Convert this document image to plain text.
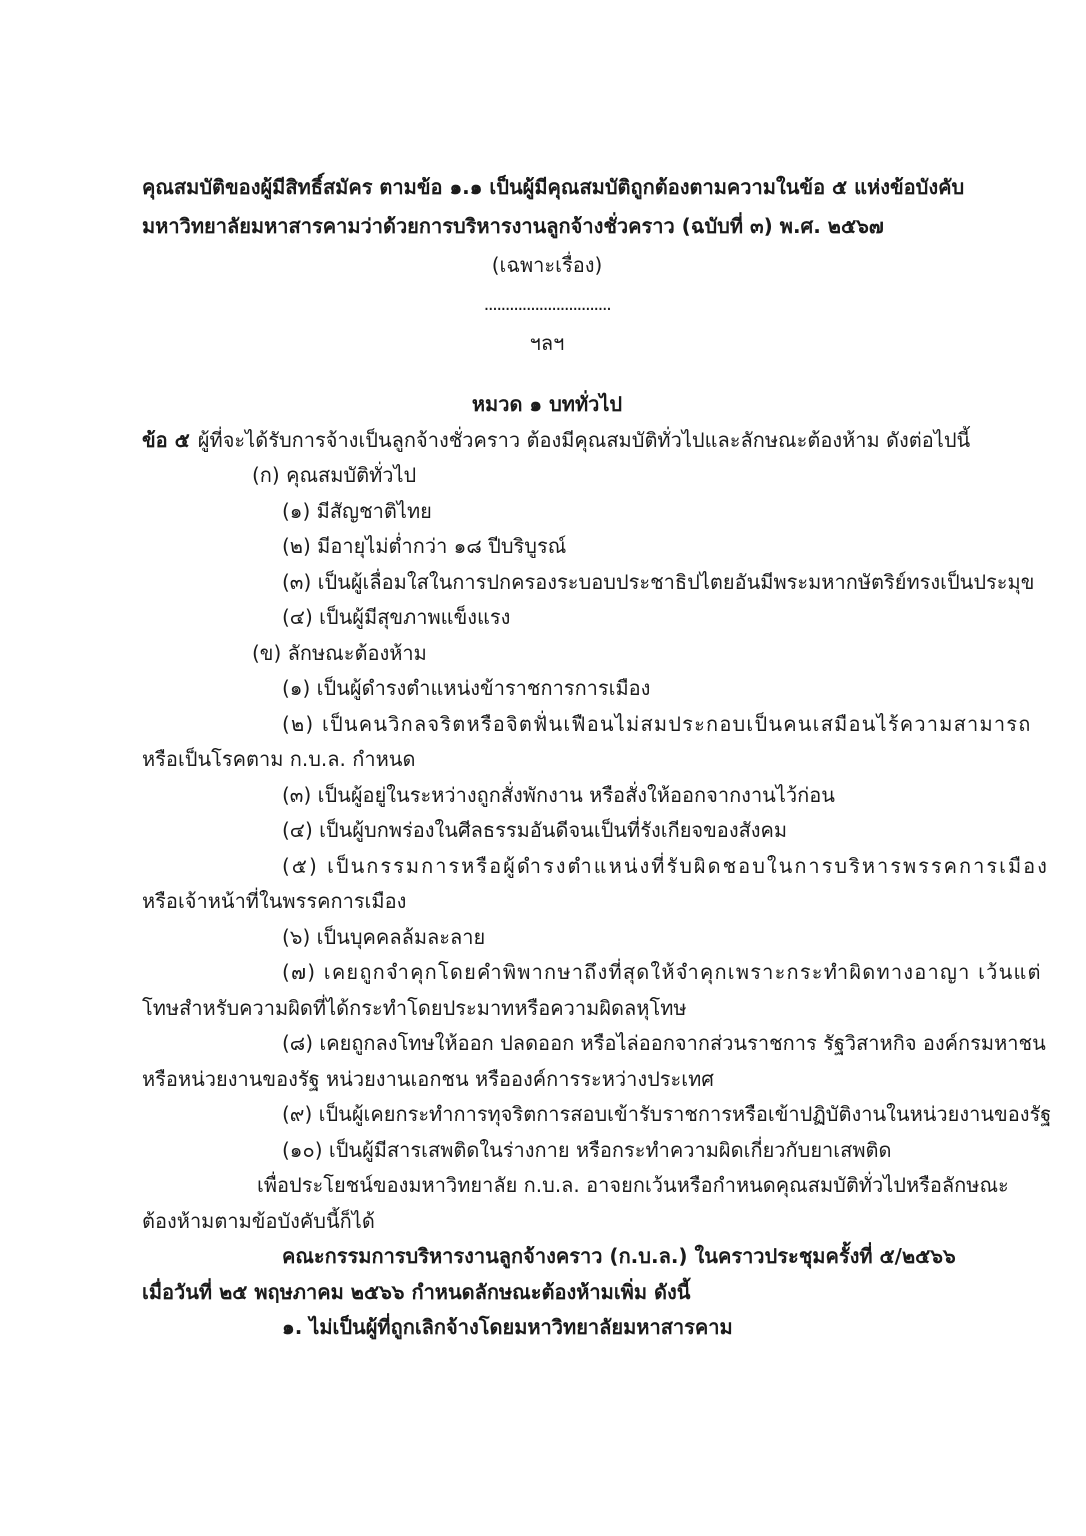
คุณสมบัติของผู้มีสิทธิ์สมัคร ตามข้อ ๑.๑ เป็นผู้มีคุณสมบัติถูกต้องตามความในข้อ ๕ แห่งข้อบังคับ
มหาวิทยาลัยมหาสารคามว่าด้วยการบริหารงานลูกจ้างชั่วคราว (ฉบับที่ ๓) พ.ศ. ๒๕๖๗
(เฉพาะเรื่อง)
..............................
ฯลฯ
หมวด ๑ บททั่วไป
ข้อ ๕ ผู้ที่จะได้รับการจ้างเป็นลูกจ้างชั่วคราว ต้องมีคุณสมบัติทั่วไปและลักษณะต้องห้าม ดังต่อไปนี้
(ก) คุณสมบัติทั่วไป
(๑) มีสัญชาติไทย
(๒) มีอายุไม่ต่ำกว่า ๑๘ ปีบริบูรณ์
(๓) เป็นผู้เลื่อมใสในการปกครองระบอบประชาธิปไตยอันมีพระมหากษัตริย์ทรงเป็นประมุข
(๔) เป็นผู้มีสุขภาพแข็งแรง
(ข) ลักษณะต้องห้าม
(๑) เป็นผู้ดำรงตำแหน่งข้าราชการการเมือง
(๒) เป็นคนวิกลจริตหรือจิตฟั่นเฟือนไม่สมประกอบเป็นคนเสมือนไร้ความสามารถ
หรือเป็นโรคตาม ก.บ.ล. กำหนด
(๓) เป็นผู้อยู่ในระหว่างถูกสั่งพักงาน หรือสั่งให้ออกจากงานไว้ก่อน
(๔) เป็นผู้บกพร่องในศีลธรรมอันดีจนเป็นที่รังเกียจของสังคม
(๕) เป็นกรรมการหรือผู้ดำรงตำแหน่งที่รับผิดชอบในการบริหารพรรคการเมือง
หรือเจ้าหน้าที่ในพรรคการเมือง
(๖) เป็นบุคคลล้มละลาย
(๗) เคยถูกจำคุกโดยคำพิพากษาถึงที่สุดให้จำคุกเพราะกระทำผิดทางอาญา เว้นแต่
โทษสำหรับความผิดที่ได้กระทำโดยประมาทหรือความผิดลหุโทษ
(๘) เคยถูกลงโทษให้ออก ปลดออก หรือไล่ออกจากส่วนราชการ รัฐวิสาหกิจ องค์กรมหาชน
หรือหน่วยงานของรัฐ หน่วยงานเอกชน หรือองค์การระหว่างประเทศ
(๙) เป็นผู้เคยกระทำการทุจริตการสอบเข้ารับราชการหรือเข้าปฏิบัติงานในหน่วยงานของรัฐ
(๑๐) เป็นผู้มีสารเสพติดในร่างกาย หรือกระทำความผิดเกี่ยวกับยาเสพติด
เพื่อประโยชน์ของมหาวิทยาลัย ก.บ.ล. อาจยกเว้นหรือกำหนดคุณสมบัติทั่วไปหรือลักษณะ
ต้องห้ามตามข้อบังคับนี้ก็ได้
คณะกรรมการบริหารงานลูกจ้างคราว (ก.บ.ล.) ในคราวประชุมครั้งที่ ๕/๒๕๖๖
เมื่อวันที่ ๒๕ พฤษภาคม ๒๕๖๖ กำหนดลักษณะต้องห้ามเพิ่ม ดังนี้
๑. ไม่เป็นผู้ที่ถูกเลิกจ้างโดยมหาวิทยาลัยมหาสารคาม
